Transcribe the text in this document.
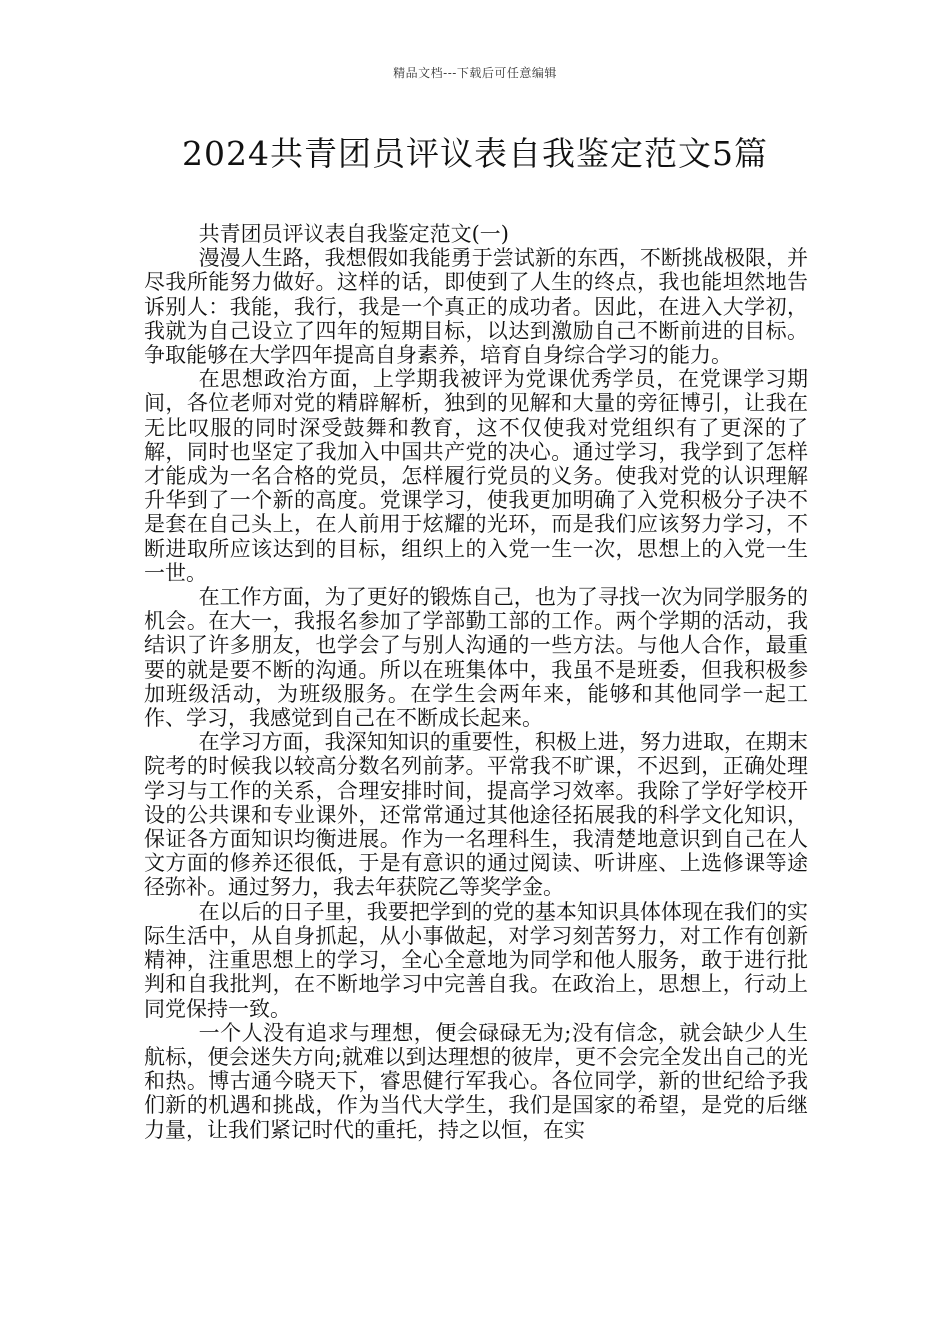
精品文档---下载后可任意编辑
2024共青团员评议表自我鉴定范文5篇

共青团员评议表自我鉴定范文(一)

漫漫人生路，我想假如我能勇于尝试新的东西，不断挑战极限，并尽我所能努力做好。这样的话，即使到了人生的终点，我也能坦然地告诉别人：我能，我行，我是一个真正的成功者。因此，在进入大学初，我就为自己设立了四年的短期目标，以达到激励自己不断前进的目标。争取能够在大学四年提高自身素养，培育自身综合学习的能力。

在思想政治方面，上学期我被评为党课优秀学员，在党课学习期间，各位老师对党的精辟解析，独到的见解和大量的旁征博引，让我在无比叹服的同时深受鼓舞和教育，这不仅使我对党组织有了更深的了解，同时也坚定了我加入中国共产党的决心。通过学习，我学到了怎样才能成为一名合格的党员，怎样履行党员的义务。使我对党的认识理解升华到了一个新的高度。党课学习，使我更加明确了入党积极分子决不是套在自己头上，在人前用于炫耀的光环，而是我们应该努力学习，不断进取所应该达到的目标，组织上的入党一生一次，思想上的入党一生一世。

在工作方面，为了更好的锻炼自己，也为了寻找一次为同学服务的机会。在大一，我报名参加了学部勤工部的工作。两个学期的活动，我结识了许多朋友，也学会了与别人沟通的一些方法。与他人合作，最重要的就是要不断的沟通。所以在班集体中，我虽不是班委，但我积极参加班级活动，为班级服务。在学生会两年来，能够和其他同学一起工作、学习，我感觉到自己在不断成长起来。

在学习方面，我深知知识的重要性，积极上进，努力进取，在期末院考的时候我以较高分数名列前茅。平常我不旷课，不迟到，正确处理学习与工作的关系，合理安排时间，提高学习效率。我除了学好学校开设的公共课和专业课外，还常常通过其他途径拓展我的科学文化知识，保证各方面知识均衡进展。作为一名理科生，我清楚地意识到自己在人文方面的修养还很低，于是有意识的通过阅读、听讲座、上选修课等途径弥补。通过努力，我去年获院乙等奖学金。

在以后的日子里，我要把学到的党的基本知识具体体现在我们的实际生活中，从自身抓起，从小事做起，对学习刻苦努力，对工作有创新精神，注重思想上的学习，全心全意地为同学和他人服务，敢于进行批判和自我批判，在不断地学习中完善自我。在政治上，思想上，行动上同党保持一致。

一个人没有追求与理想，便会碌碌无为;没有信念，就会缺少人生航标，便会迷失方向;就难以到达理想的彼岸，更不会完全发出自己的光和热。博古通今晓天下，睿思健行军我心。各位同学，新的世纪给予我们新的机遇和挑战，作为当代大学生，我们是国家的希望，是党的后继力量，让我们紧记时代的重托，持之以恒，在实
